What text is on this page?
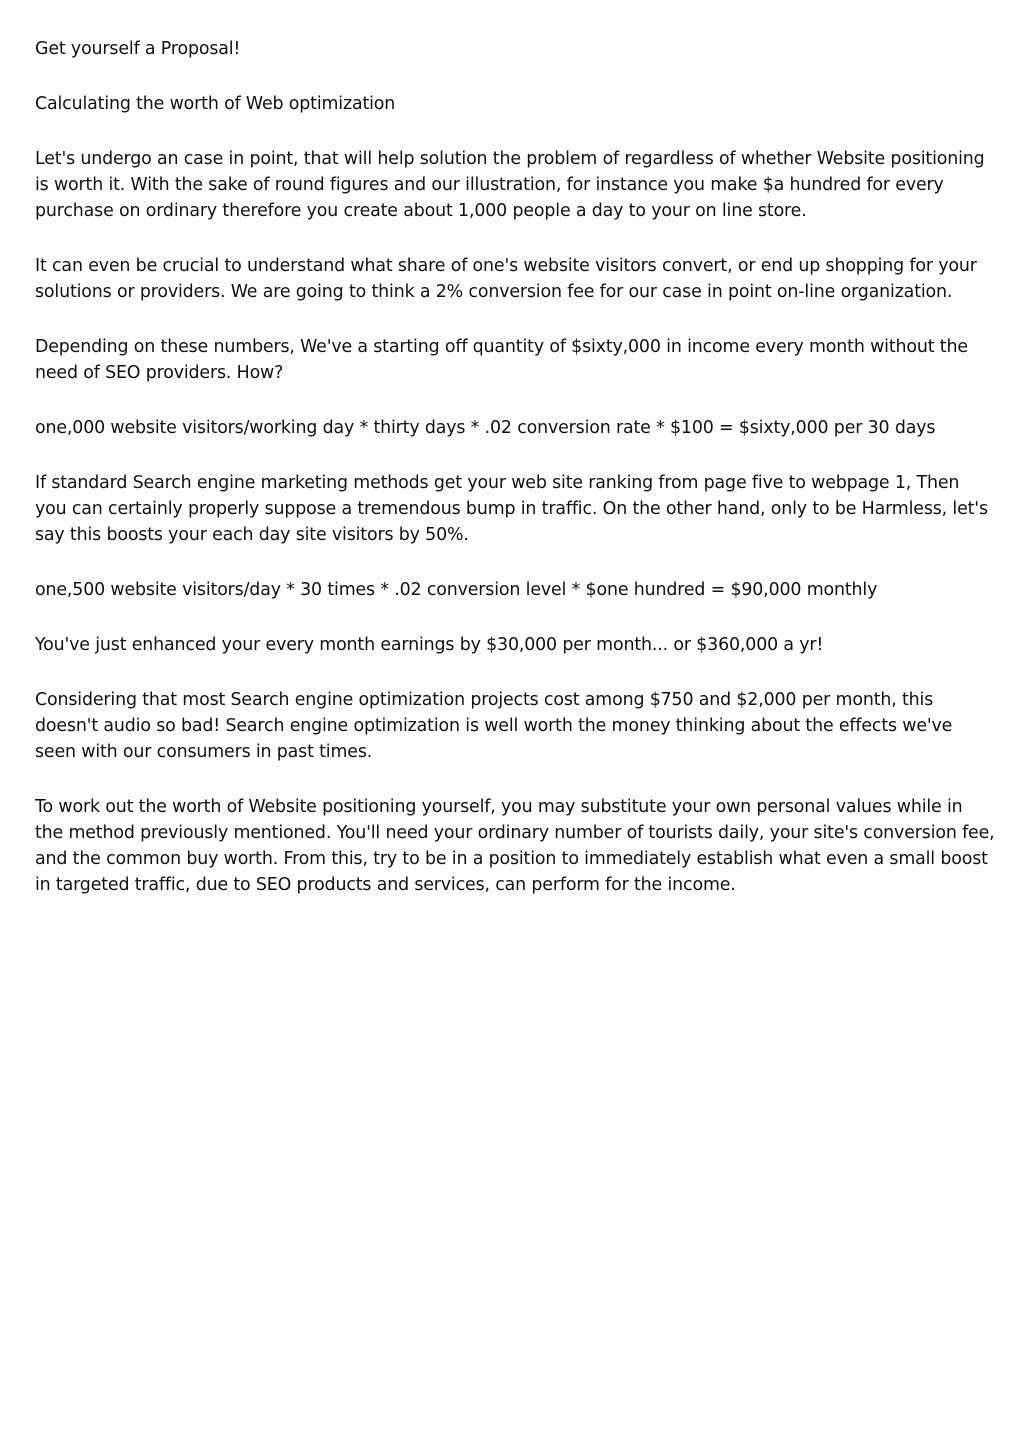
Get yourself a Proposal!

Calculating the worth of Web optimization

Let's undergo an case in point, that will help solution the problem of regardless of whether Website positioning is worth it. With the sake of round figures and our illustration, for instance you make $a hundred for every purchase on ordinary therefore you create about 1,000 people a day to your on line store.

It can even be crucial to understand what share of one's website visitors convert, or end up shopping for your solutions or providers. We are going to think a 2% conversion fee for our case in point on-line organization.

Depending on these numbers, We've a starting off quantity of $sixty,000 in income every month without the need of SEO providers. How?

one,000 website visitors/working day * thirty days * .02 conversion rate * $100 = $sixty,000 per 30 days

If standard Search engine marketing methods get your web site ranking from page five to webpage 1, Then you can certainly properly suppose a tremendous bump in traffic. On the other hand, only to be Harmless, let's say this boosts your each day site visitors by 50%.

one,500 website visitors/day * 30 times * .02 conversion level * $one hundred = $90,000 monthly

You've just enhanced your every month earnings by $30,000 per month... or $360,000 a yr!

Considering that most Search engine optimization projects cost among $750 and $2,000 per month, this doesn't audio so bad! Search engine optimization is well worth the money thinking about the effects we've seen with our consumers in past times.

To work out the worth of Website positioning yourself, you may substitute your own personal values while in the method previously mentioned. You'll need your ordinary number of tourists daily, your site's conversion fee, and the common buy worth. From this, try to be in a position to immediately establish what even a small boost in targeted traffic, due to SEO products and services, can perform for the income.
